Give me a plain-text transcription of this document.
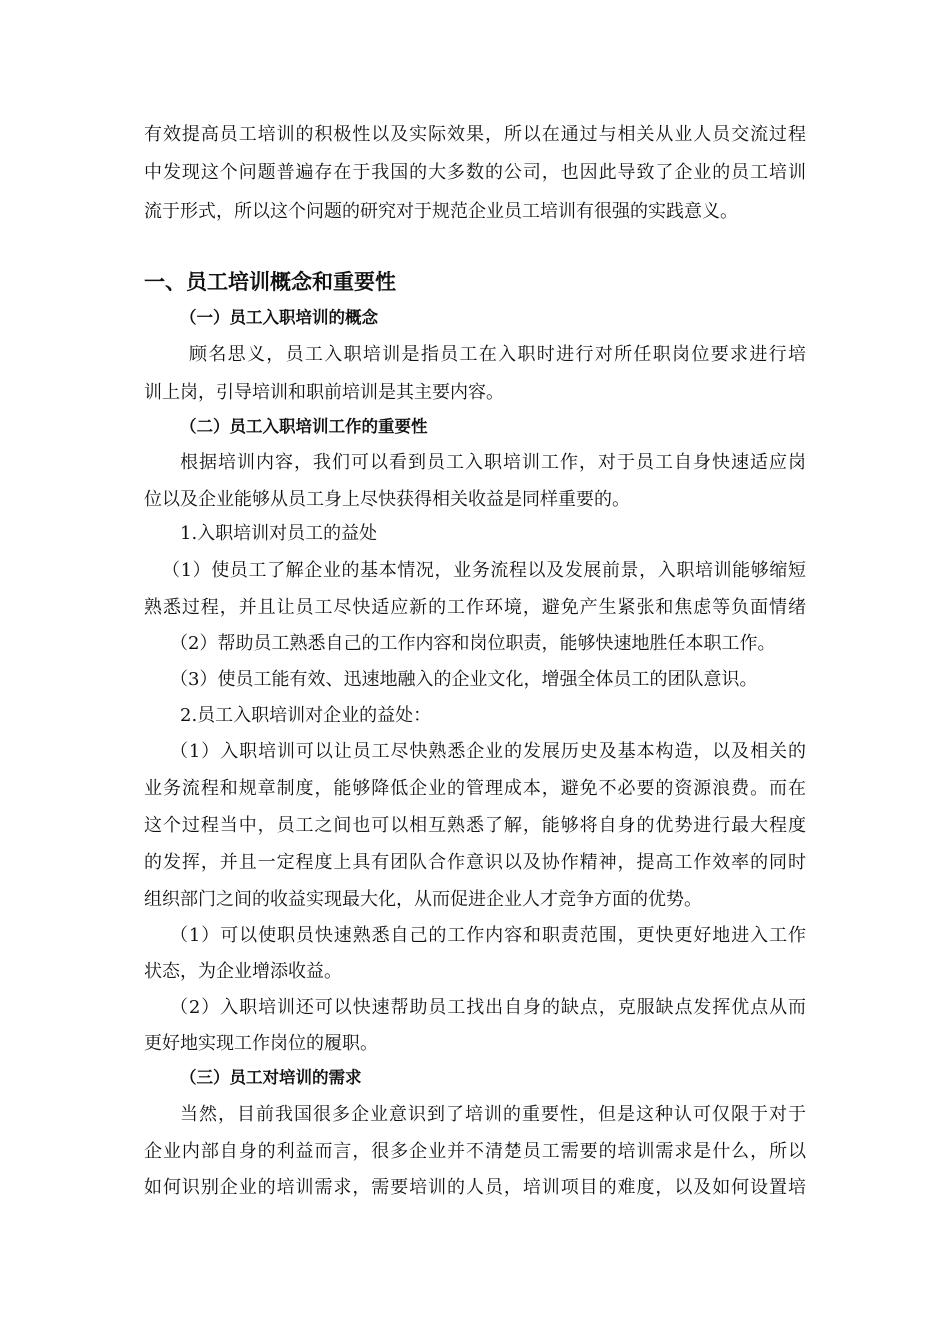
有效提高员工培训的积极性以及实际效果，所以在通过与相关从业人员交流过程
中发现这个问题普遍存在于我国的大多数的公司，也因此导致了企业的员工培训
流于形式，所以这个问题的研究对于规范企业员工培训有很强的实践意义。
一、员工培训概念和重要性
（一）员工入职培训的概念
顾名思义，员工入职培训是指员工在入职时进行对所任职岗位要求进行培
训上岗，引导培训和职前培训是其主要内容。
（二）员工入职培训工作的重要性
根据培训内容，我们可以看到员工入职培训工作，对于员工自身快速适应岗
位以及企业能够从员工身上尽快获得相关收益是同样重要的。
1.入职培训对员工的益处
（1）使员工了解企业的基本情况，业务流程以及发展前景，入职培训能够缩短
熟悉过程，并且让员工尽快适应新的工作环境，避免产生紧张和焦虑等负面情绪
（2）帮助员工熟悉自己的工作内容和岗位职责，能够快速地胜任本职工作。
（3）使员工能有效、迅速地融入的企业文化，增强全体员工的团队意识。
2.员工入职培训对企业的益处：
（1）入职培训可以让员工尽快熟悉企业的发展历史及基本构造，以及相关的
业务流程和规章制度，能够降低企业的管理成本，避免不必要的资源浪费。而在
这个过程当中，员工之间也可以相互熟悉了解，能够将自身的优势进行最大程度
的发挥，并且一定程度上具有团队合作意识以及协作精神，提高工作效率的同时
组织部门之间的收益实现最大化，从而促进企业人才竞争方面的优势。
（1）可以使职员快速熟悉自己的工作内容和职责范围，更快更好地进入工作
状态，为企业增添收益。
（2）入职培训还可以快速帮助员工找出自身的缺点，克服缺点发挥优点从而
更好地实现工作岗位的履职。
（三）员工对培训的需求
当然，目前我国很多企业意识到了培训的重要性，但是这种认可仅限于对于
企业内部自身的利益而言，很多企业并不清楚员工需要的培训需求是什么，所以
如何识别企业的培训需求，需要培训的人员，培训项目的难度，以及如何设置培
